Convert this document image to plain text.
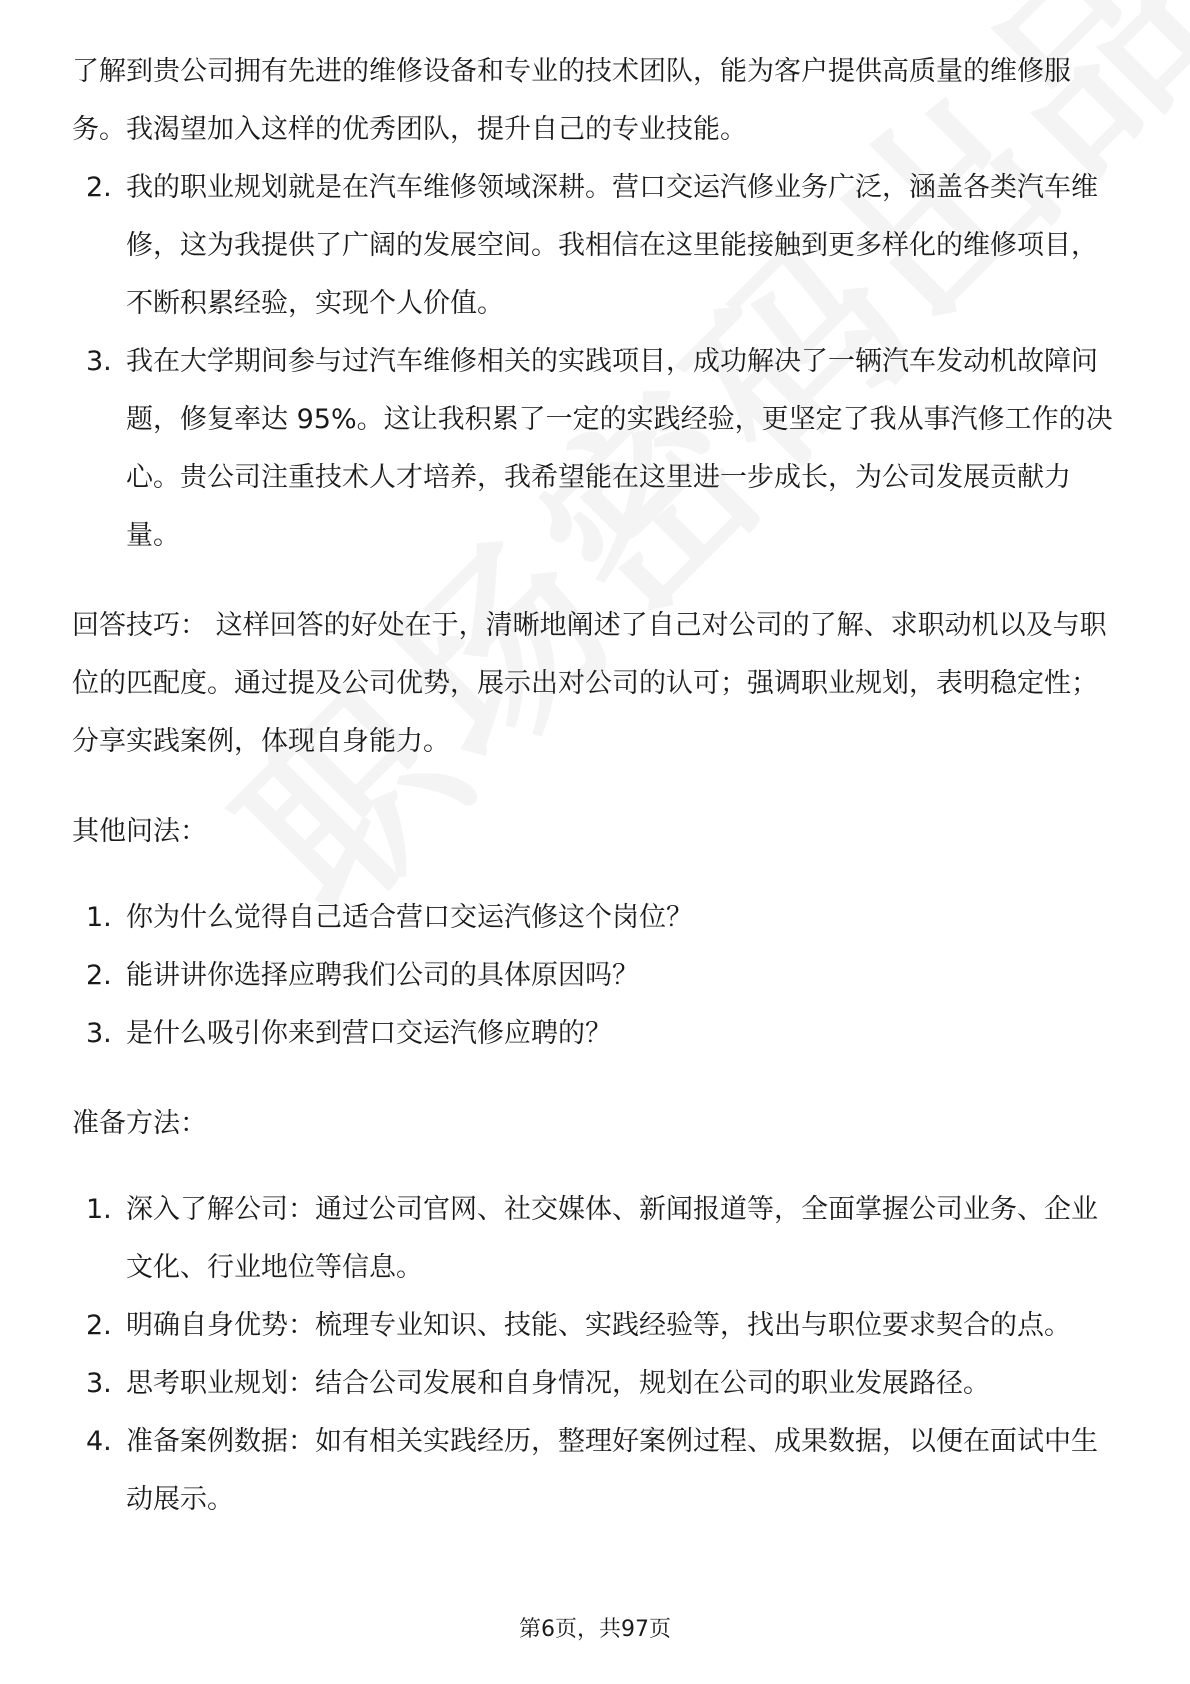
了解到贵公司拥有先进的维修设备和专业的技术团队，能为客户提供高质量的维修服务。我渴望加入这样的优秀团队，提升自己的专业技能。

2. 我的职业规划就是在汽车维修领域深耕。营口交运汽修业务广泛，涵盖各类汽车维修，这为我提供了广阔的发展空间。我相信在这里能接触到更多样化的维修项目，不断积累经验，实现个人价值。
3. 我在大学期间参与过汽车维修相关的实践项目，成功解决了一辆汽车发动机故障问题，修复率达 95%。这让我积累了一定的实践经验，更坚定了我从事汽修工作的决心。贵公司注重技术人才培养，我希望能在这里进一步成长，为公司发展贡献力量。

回答技巧： 这样回答的好处在于，清晰地阐述了自己对公司的了解、求职动机以及与职位的匹配度。通过提及公司优势，展示出对公司的认可；强调职业规划，表明稳定性；分享实践案例，体现自身能力。

其他问法：

1. 你为什么觉得自己适合营口交运汽修这个岗位？
2. 能讲讲你选择应聘我们公司的具体原因吗？
3. 是什么吸引你来到营口交运汽修应聘的？

准备方法：

1. 深入了解公司：通过公司官网、社交媒体、新闻报道等，全面掌握公司业务、企业文化、行业地位等信息。
2. 明确自身优势：梳理专业知识、技能、实践经验等，找出与职位要求契合的点。
3. 思考职业规划：结合公司发展和自身情况，规划在公司的职业发展路径。
4. 准备案例数据：如有相关实践经历，整理好案例过程、成果数据，以便在面试中生动展示。
第6页，共97页
